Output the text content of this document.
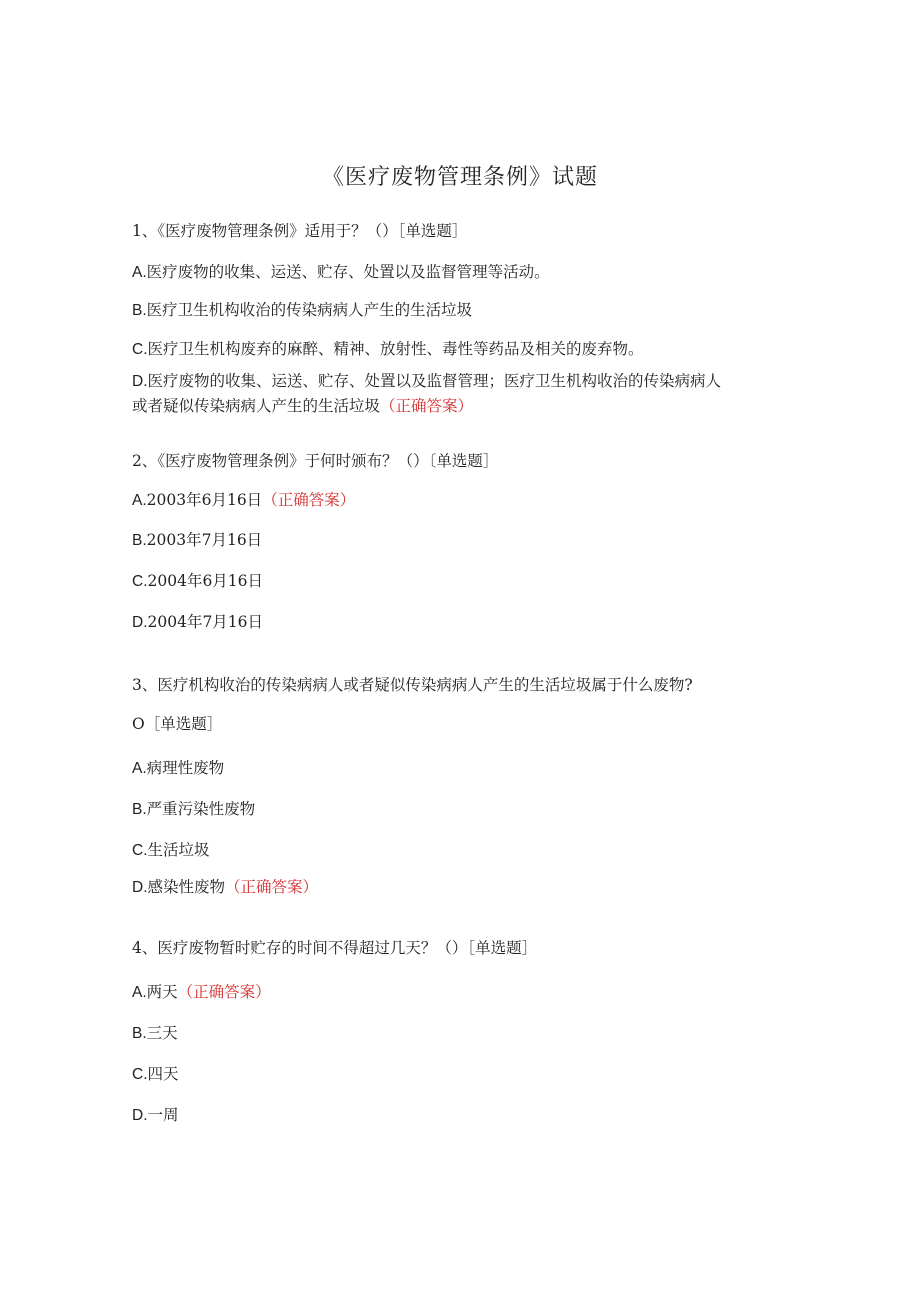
《医疗废物管理条例》试题
1、《医疗废物管理条例》适用于？（）［单选题］
A.医疗废物的收集、运送、贮存、处置以及监督管理等活动。
B.医疗卫生机构收治的传染病病人产生的生活垃圾
C.医疗卫生机构废弃的麻醉、精神、放射性、毒性等药品及相关的废弃物。
D.医疗废物的收集、运送、贮存、处置以及监督管理；医疗卫生机构收治的传染病病人
或者疑似传染病病人产生的生活垃圾（正确答案）
2、《医疗废物管理条例》于何时颁布？（）〔单选题］
A.2003年6月16日（正确答案）
B.2003年7月16日
C.2004年6月16日
D.2004年7月16日
3、医疗机构收治的传染病病人或者疑似传染病病人产生的生活垃圾属于什么废物?
O［单选题］
A.病理性废物
B.严重污染性废物
C.生活垃圾
D.感染性废物（正确答案）
4、医疗废物暂时贮存的时间不得超过几天？（）［单选题］
A.两天（正确答案）
B.三天
C.四天
D.一周
